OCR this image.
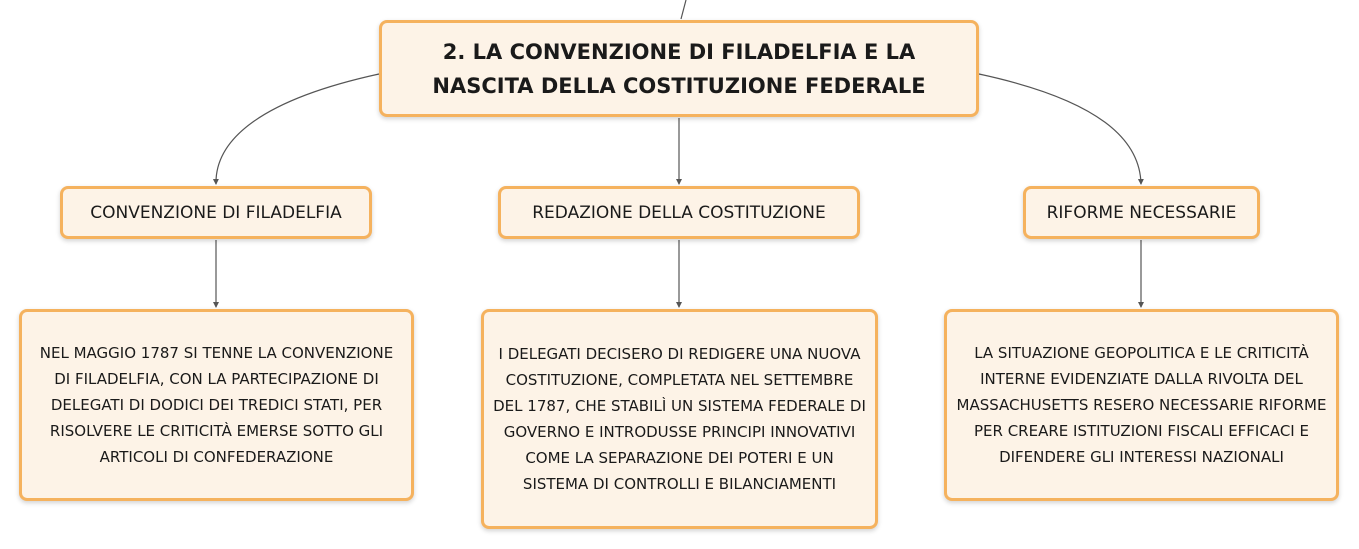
2. LA CONVENZIONE DI FILADELFIA E LA NASCITA DELLA COSTITUZIONE FEDERALE
CONVENZIONE DI FILADELFIA	REDAZIONE DELLA COSTITUZIONE	RIFORME NECESSARIE
NEL MAGGIO 1787 SI TENNE LA CONVENZIONE DI FILADELFIA, CON LA PARTECIPAZIONE DI DELEGATI DI DODICI DEI TREDICI STATI, PER RISOLVERE LE CRITICITÀ EMERSE SOTTO GLI ARTICOLI DI CONFEDERAZIONE
I DELEGATI DECISERO DI REDIGERE UNA NUOVA COSTITUZIONE, COMPLETATA NEL SETTEMBRE DEL 1787, CHE STABILÌ UN SISTEMA FEDERALE DI GOVERNO E INTRODUSSE PRINCIPI INNOVATIVI COME LA SEPARAZIONE DEI POTERI E UN SISTEMA DI CONTROLLI E BILANCIAMENTI
LA SITUAZIONE GEOPOLITICA E LE CRITICITÀ INTERNE EVIDENZIATE DALLA RIVOLTA DEL MASSACHUSETTS RESERO NECESSARIE RIFORME PER CREARE ISTITUZIONI FISCALI EFFICACI E DIFENDERE GLI INTERESSI NAZIONALI
